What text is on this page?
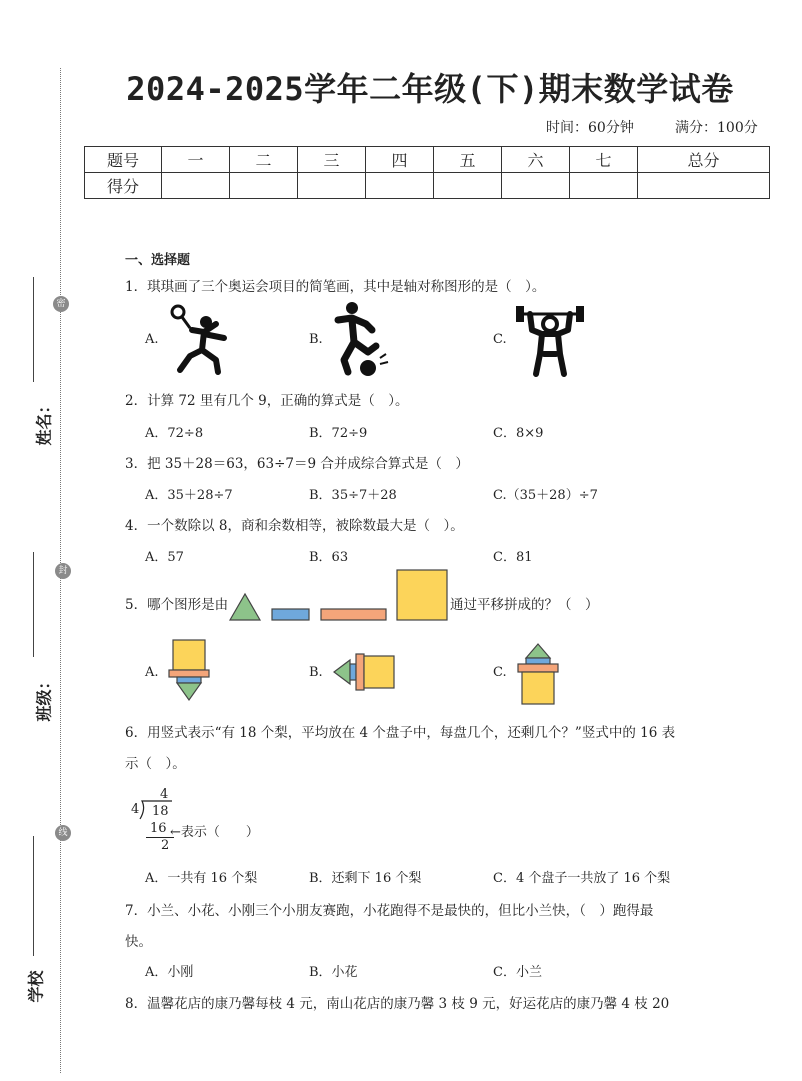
密
封
线
姓名：
班级：
学校
2024-2025学年二年级(下)期末数学试卷
时间：60分钟	满分：100分
题号	一	二	三	四	五	六	七	总分
得分								
一、选择题
1．琪琪画了三个奥运会项目的简笔画，其中是轴对称图形的是（　）。
A.	B.	C.
2．计算 72 里有几个 9，正确的算式是（　）。
A．72÷8	B．72÷9	C．8×9
3．把 35＋28＝63，63÷7＝9 合并成综合算式是（　）
A．35＋28÷7	B．35÷7＋28	C.（35＋28）÷7
4．一个数除以 8，商和余数相等，被除数最大是（　）。
A．57	B．63	C．81
5．哪个图形是由	通过平移拼成的？（　）
A.	B.	C.
6．用竖式表示“有 18 个梨，平均放在 4 个盘子中，每盘几个，还剩几个？”竖式中的 16 表
示（　）。
4
4 18
16 ←表示（　　）
2
A．一共有 16 个梨	B．还剩下 16 个梨	C．4 个盘子一共放了 16 个梨
7．小兰、小花、小刚三个小朋友赛跑，小花跑得不是最快的，但比小兰快，（　）跑得最
快。
A．小刚	B．小花	C．小兰
8．温馨花店的康乃馨每枝 4 元，南山花店的康乃馨 3 枝 9 元，好运花店的康乃馨 4 枝 20
